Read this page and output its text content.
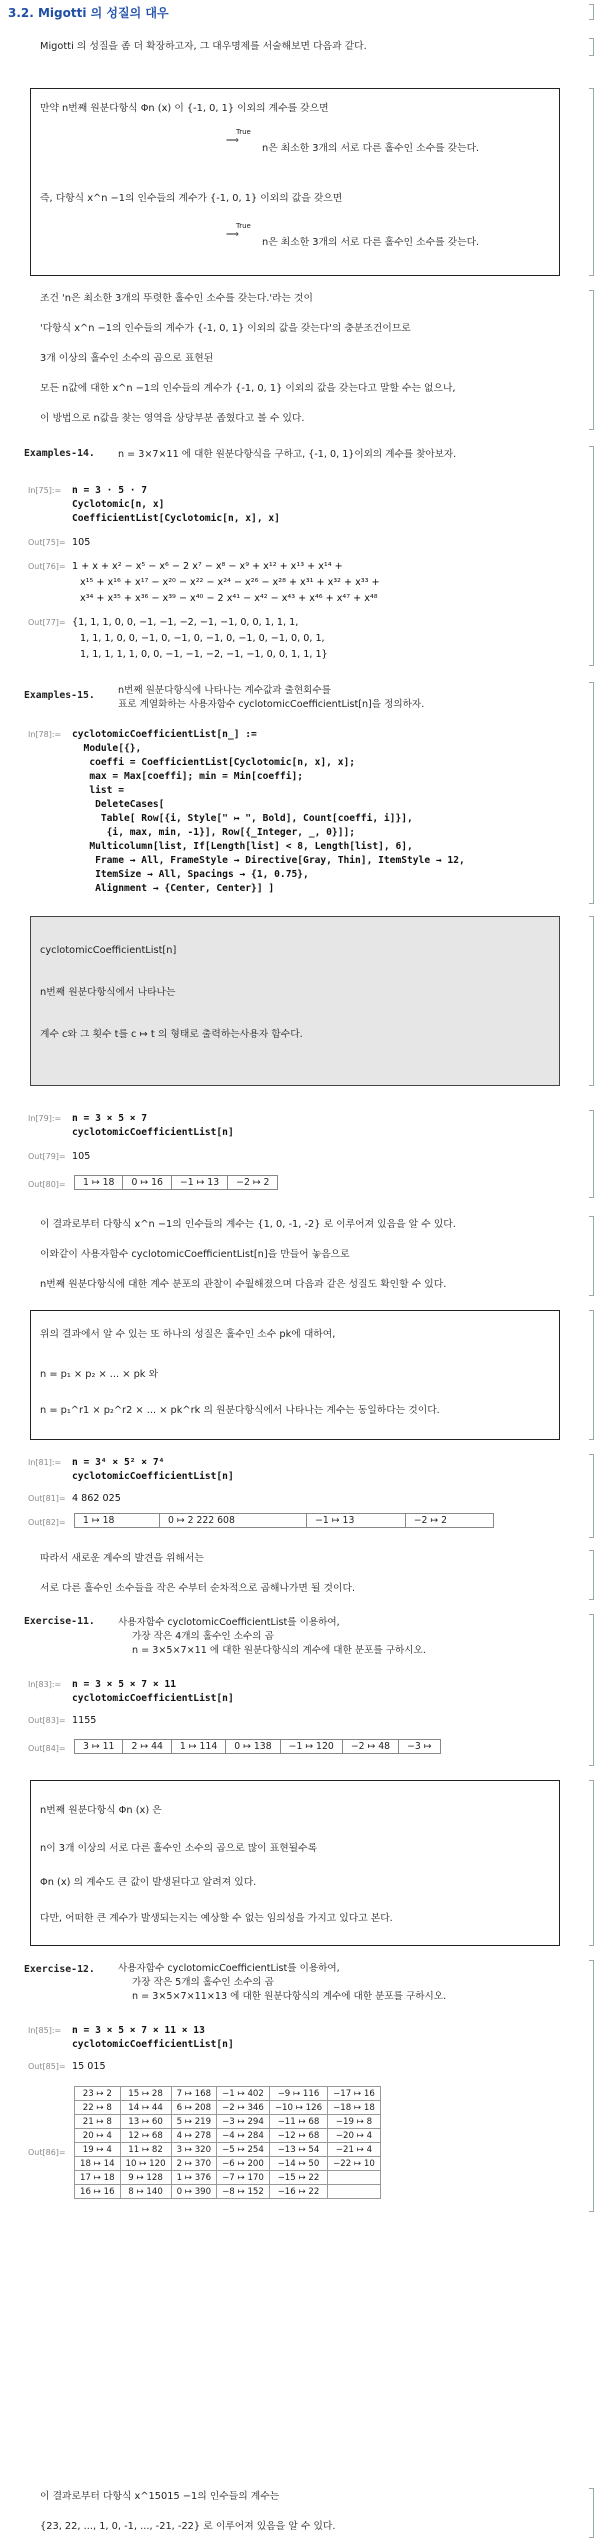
3.2. Migotti 의 성질의 대우
Migotti 의 성질을 좀 더 확장하고자, 그 대우명제를 서술해보면 다음과 같다.
만약 n번째 원분다항식 Φn (x) 이 {-1, 0, 1} 이외의 계수를 갖으면
True
⟹
n은 최소한 3개의 서로 다른 홀수인 소수를 갖는다.
즉, 다항식 x^n −1의 인수들의 계수가 {-1, 0, 1} 이외의 값을 갖으면
True
⟹
n은 최소한 3개의 서로 다른 홀수인 소수를 갖는다.
조건 'n은 최소한 3개의 뚜렷한 홀수인 소수를 갖는다.'라는 것이
'다항식 x^n −1의 인수들의 계수가 {-1, 0, 1} 이외의 값을 갖는다'의 충분조건이므로
3개 이상의 홀수인 소수의 곱으로 표현된
모든 n값에 대한 x^n −1의 인수들의 계수가 {-1, 0, 1} 이외의 값을 갖는다고 말할 수는 없으나,
이 방법으로 n값을 찾는 영역을 상당부분 좁혔다고 볼 수 있다.
Examples-14. n = 3×7×11 에 대한 원분다항식을 구하고, {-1, 0, 1}이외의 계수를 찾아보자.
In[75]:= n = 3 · 5 · 7
Cyclotomic[n, x]
CoefficientList[Cyclotomic[n, x], x]
Out[75]= 105
Out[76]= 1 + x + x² − x⁵ − x⁶ − 2 x⁷ − x⁸ − x⁹ + x¹² + x¹³ + x¹⁴ +
x¹⁵ + x¹⁶ + x¹⁷ − x²⁰ − x²² − x²⁴ − x²⁶ − x²⁸ + x³¹ + x³² + x³³ +
x³⁴ + x³⁵ + x³⁶ − x³⁹ − x⁴⁰ − 2 x⁴¹ − x⁴² − x⁴³ + x⁴⁶ + x⁴⁷ + x⁴⁸
Out[77]= {1, 1, 1, 0, 0, −1, −1, −2, −1, −1, 0, 0, 1, 1, 1,
1, 1, 1, 0, 0, −1, 0, −1, 0, −1, 0, −1, 0, −1, 0, 0, 1,
1, 1, 1, 1, 1, 0, 0, −1, −1, −2, −1, −1, 0, 0, 1, 1, 1}
Examples-15. n번째 원분다항식에 나타나는 계수값과 출현회수를
표로 계열화하는 사용자함수 cyclotomicCoefficientList[n]을 정의하자.
In[78]:= cyclotomicCoefficientList[n_] :=
Module[{},
coeffi = CoefficientList[Cyclotomic[n, x], x];
max = Max[coeffi]; min = Min[coeffi];
list =
DeleteCases[
Table[ Row[{i, Style[" ↦ ", Bold], Count[coeffi, i]}],
{i, max, min, -1}], Row[{_Integer, _, 0}]];
Multicolumn[list, If[Length[list] < 8, Length[list], 6],
Frame → All, FrameStyle → Directive[Gray, Thin], ItemStyle → 12,
ItemSize → All, Spacings → {1, 0.75},
Alignment → {Center, Center}] ]
cyclotomicCoefficientList[n]
n번째 원분다항식에서 나타나는
계수 c와 그 횟수 t를 c ↦ t 의 형태로 출력하는사용자 함수다.
In[79]:= n = 3 × 5 × 7
cyclotomicCoefficientList[n]
Out[79]= 105
Out[80]= 1 ↦ 18	0 ↦ 16	−1 ↦ 13	−2 ↦ 2
이 결과로부터 다항식 x^n −1의 인수들의 계수는 {1, 0, -1, -2} 로 이루어져 있음을 알 수 있다.
이와같이 사용자함수 cyclotomicCoefficientList[n]을 만들어 놓음으로
n번째 원분다항식에 대한 계수 분포의 관찰이 수월해졌으며 다음과 같은 성질도 확인할 수 있다.
위의 결과에서 알 수 있는 또 하나의 성질은 홀수인 소수 pk에 대하여,
n = p₁ × p₂ × ... × pk 와
n = p₁^r1 × p₂^r2 × ... × pk^rk 의 원분다항식에서 나타나는 계수는 동일하다는 것이다.
In[81]:= n = 3⁴ × 5² × 7⁴
cyclotomicCoefficientList[n]
Out[81]= 4 862 025
Out[82]= 1 ↦ 18	0 ↦ 2 222 608	−1 ↦ 13	−2 ↦ 2
따라서 새로운 계수의 발견을 위해서는
서로 다른 홀수인 소수들을 작은 수부터 순차적으로 곱해나가면 될 것이다.
Exercise-11. 사용자함수 cyclotomicCoefficientList를 이용하여,
가장 작은 4개의 홀수인 소수의 곱
n = 3×5×7×11 에 대한 원분다항식의 계수에 대한 분포를 구하시오.
In[83]:= n = 3 × 5 × 7 × 11
cyclotomicCoefficientList[n]
Out[83]= 1155
Out[84]= 3 ↦ 11	2 ↦ 44	1 ↦ 114	0 ↦ 138	−1 ↦ 120	−2 ↦ 48	−3 ↦
n번째 원분다항식 Φn (x) 은
n이 3개 이상의 서로 다른 홀수인 소수의 곱으로 많이 표현될수록
Φn (x) 의 계수도 큰 값이 발생된다고 알려져 있다.
다만, 어떠한 큰 계수가 발생되는지는 예상할 수 없는 임의성을 가지고 있다고 본다.
Exercise-12. 사용자함수 cyclotomicCoefficientList를 이용하여,
가장 작은 5개의 홀수인 소수의 곱
n = 3×5×7×11×13 에 대한 원분다항식의 계수에 대한 분포를 구하시오.
In[85]:= n = 3 × 5 × 7 × 11 × 13
cyclotomicCoefficientList[n]
Out[85]= 15 015
Out[86]=
23 ↦ 2	15 ↦ 28	7 ↦ 168	−1 ↦ 402	−9 ↦ 116	−17 ↦ 16
22 ↦ 8	14 ↦ 44	6 ↦ 208	−2 ↦ 346	−10 ↦ 126	−18 ↦ 18
21 ↦ 8	13 ↦ 60	5 ↦ 219	−3 ↦ 294	−11 ↦ 68	−19 ↦ 8
20 ↦ 4	12 ↦ 68	4 ↦ 278	−4 ↦ 284	−12 ↦ 68	−20 ↦ 4
19 ↦ 4	11 ↦ 82	3 ↦ 320	−5 ↦ 254	−13 ↦ 54	−21 ↦ 4
18 ↦ 14	10 ↦ 120	2 ↦ 370	−6 ↦ 200	−14 ↦ 50	−22 ↦ 10
17 ↦ 18	9 ↦ 128	1 ↦ 376	−7 ↦ 170	−15 ↦ 22	
16 ↦ 16	8 ↦ 140	0 ↦ 390	−8 ↦ 152	−16 ↦ 22	
이 결과로부터 다항식 x^15015 −1의 인수들의 계수는
{23, 22, ..., 1, 0, -1, ..., -21, -22} 로 이루어져 있음을 알 수 있다.
